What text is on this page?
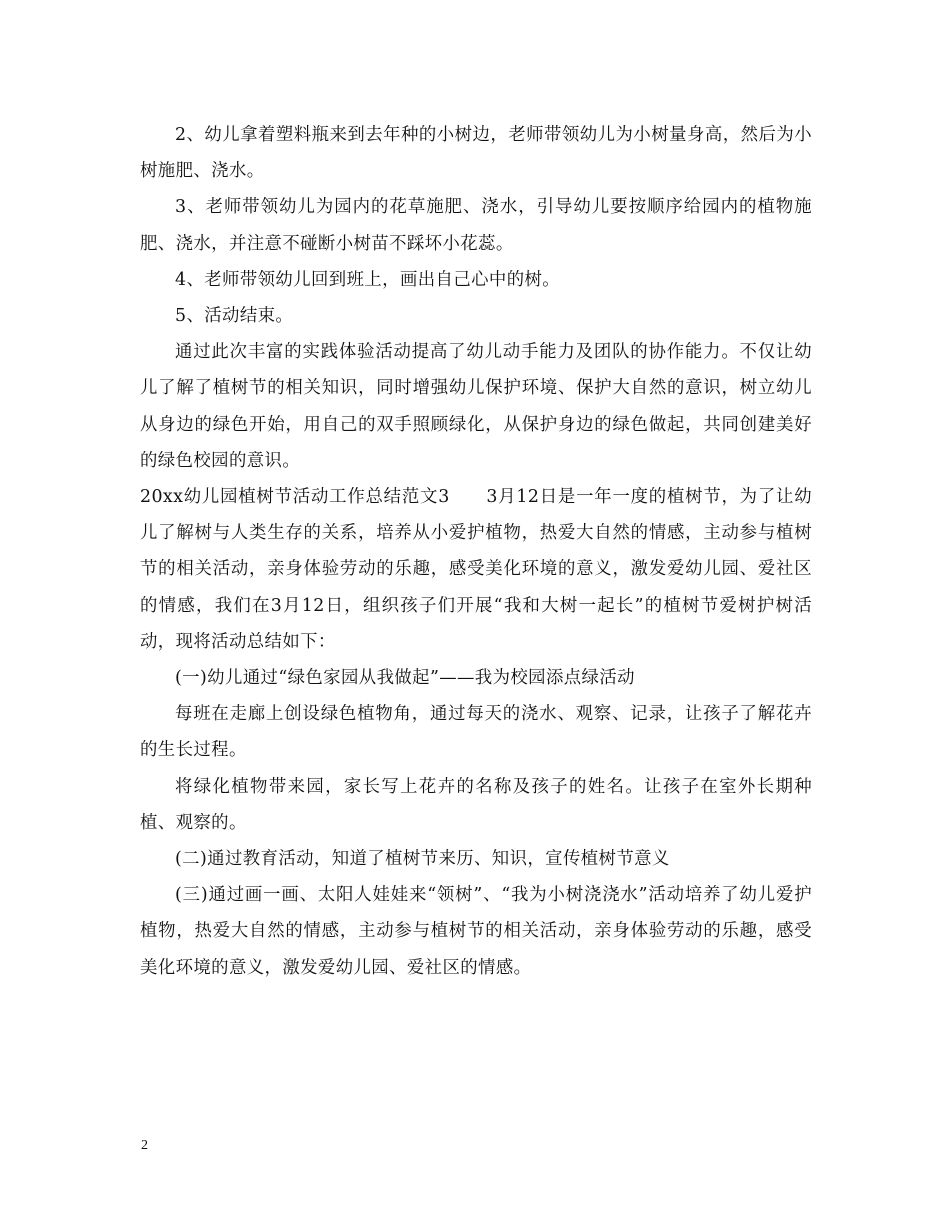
2、幼儿拿着塑料瓶来到去年种的小树边，老师带领幼儿为小树量身高，然后为小树施肥、浇水。

3、老师带领幼儿为园内的花草施肥、浇水，引导幼儿要按顺序给园内的植物施肥、浇水，并注意不碰断小树苗不踩坏小花蕊。

4、老师带领幼儿回到班上，画出自己心中的树。

5、活动结束。

通过此次丰富的实践体验活动提高了幼儿动手能力及团队的协作能力。不仅让幼儿了解了植树节的相关知识，同时增强幼儿保护环境、保护大自然的意识，树立幼儿从身边的绿色开始，用自己的双手照顾绿化，从保护身边的绿色做起，共同创建美好的绿色校园的意识。

20xx幼儿园植树节活动工作总结范文3　　3月12日是一年一度的植树节，为了让幼儿了解树与人类生存的关系，培养从小爱护植物，热爱大自然的情感，主动参与植树节的相关活动，亲身体验劳动的乐趣，感受美化环境的意义，激发爱幼儿园、爱社区的情感，我们在3月12日，组织孩子们开展“我和大树一起长”的植树节爱树护树活动，现将活动总结如下：

(一)幼儿通过“绿色家园从我做起”——我为校园添点绿活动

每班在走廊上创设绿色植物角，通过每天的浇水、观察、记录，让孩子了解花卉的生长过程。

将绿化植物带来园，家长写上花卉的名称及孩子的姓名。让孩子在室外长期种植、观察的。

(二)通过教育活动，知道了植树节来历、知识，宣传植树节意义

(三)通过画一画、太阳人娃娃来“领树”、“我为小树浇浇水”活动培养了幼儿爱护植物，热爱大自然的情感，主动参与植树节的相关活动，亲身体验劳动的乐趣，感受美化环境的意义，激发爱幼儿园、爱社区的情感。

2
